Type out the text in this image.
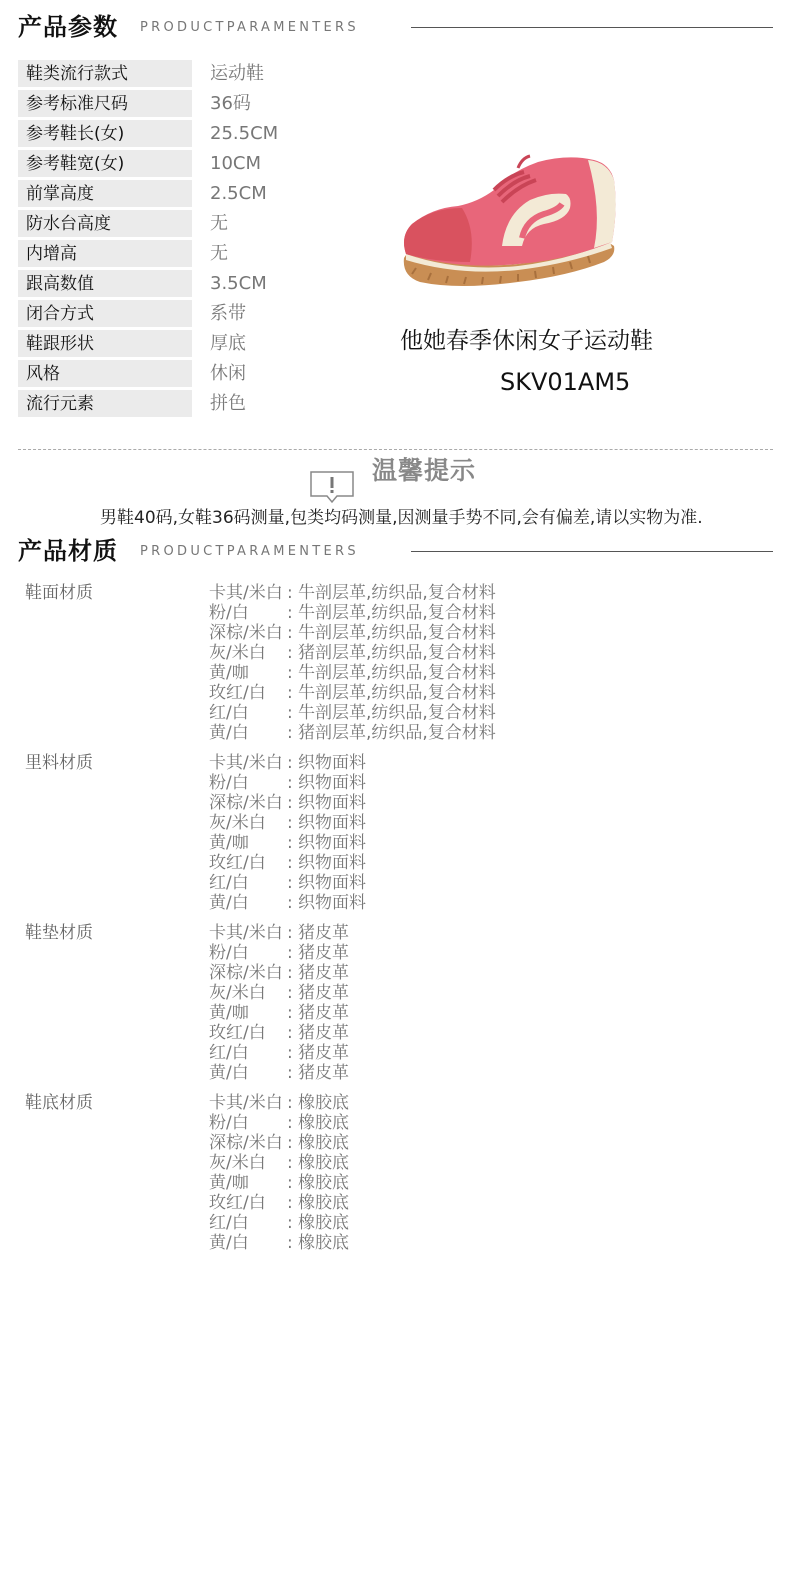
产品参数 PRODUCTPARAMENTERS
鞋类流行款式	运动鞋
参考标准尺码	36码
参考鞋长(女)	25.5CM
参考鞋宽(女)	10CM
前掌高度	2.5CM
防水台高度	无
内增高	无
跟高数值	3.5CM
闭合方式	系带
鞋跟形状	厚底
风格	休闲
流行元素	拼色
他她春季休闲女子运动鞋
SKV01AM5
温馨提示
男鞋40码,女鞋36码测量,包类均码测量,因测量手势不同,会有偏差,请以实物为准.
产品材质 PRODUCTPARAMENTERS
鞋面材质	卡其/米白 : 牛剖层革,纺织品,复合材料
粉/白 : 牛剖层革,纺织品,复合材料
深棕/米白 : 牛剖层革,纺织品,复合材料
灰/米白 : 猪剖层革,纺织品,复合材料
黄/咖 : 牛剖层革,纺织品,复合材料
玫红/白 : 牛剖层革,纺织品,复合材料
红/白 : 牛剖层革,纺织品,复合材料
黄/白 : 猪剖层革,纺织品,复合材料
里料材质	卡其/米白 : 织物面料
粉/白 : 织物面料
深棕/米白 : 织物面料
灰/米白 : 织物面料
黄/咖 : 织物面料
玫红/白 : 织物面料
红/白 : 织物面料
黄/白 : 织物面料
鞋垫材质	卡其/米白 : 猪皮革
粉/白 : 猪皮革
深棕/米白 : 猪皮革
灰/米白 : 猪皮革
黄/咖 : 猪皮革
玫红/白 : 猪皮革
红/白 : 猪皮革
黄/白 : 猪皮革
鞋底材质	卡其/米白 : 橡胶底
粉/白 : 橡胶底
深棕/米白 : 橡胶底
灰/米白 : 橡胶底
黄/咖 : 橡胶底
玫红/白 : 橡胶底
红/白 : 橡胶底
黄/白 : 橡胶底
